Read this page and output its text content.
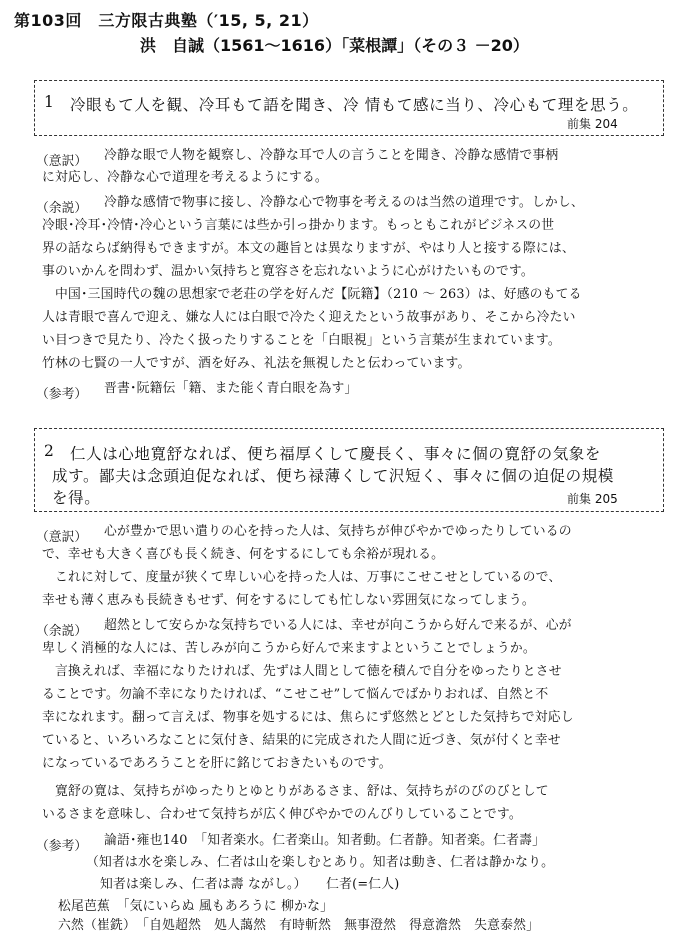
第103回　三方限古典塾（′15, 5, 21）
洪　自誠（1561〜1616）「菜根譚」（その３ －20）
1 冷眼もて人を観、冷耳もて語を聞き、冷 情もて感に当り、冷心もて理を思う。
前集 204
（意訳） 冷静な眼で人物を観察し、冷静な耳で人の言うことを聞き、冷静な感情で事柄
に対応し、冷静な心で道理を考えるようにする。
（余説） 冷静な感情で物事に接し、冷静な心で物事を考えるのは当然の道理です。しかし、
冷眼･冷耳･冷情･冷心という言葉には些か引っ掛かります。もっともこれがビジネスの世
界の話ならば納得もできますが。本文の趣旨とは異なりますが、やはり人と接する際には、
事のいかんを問わず、温かい気持ちと寛容さを忘れないように心がけたいものです。
中国･三国時代の魏の思想家で老荘の学を好んだ【阮籍】（210 〜 263）は、好感のもてる
人は青眼で喜んで迎え、嫌な人には白眼で冷たく迎えたという故事があり、そこから冷たい
い目つきで見たり、冷たく扱ったりすることを「白眼視」という言葉が生まれています。
竹林の七賢の一人ですが、酒を好み、礼法を無視したと伝わっています。
（参考） 晋書･阮籍伝「籍、また能く青白眼を為す」
2 仁人は心地寛舒なれば、便ち福厚くして慶長く、事々に個の寛舒の気象を
成す。鄙夫は念頭迫促なれば、便ち禄薄くして沢短く、事々に個の迫促の規模
を得。	前集 205
（意訳） 心が豊かで思い遣りの心を持った人は、気持ちが伸びやかでゆったりしているの
で、幸せも大きく喜びも長く続き、何をするにしても余裕が現れる。
これに対して、度量が狭くて卑しい心を持った人は、万事にこせこせとしているので、
幸せも薄く恵みも長続きもせず、何をするにしても忙しない雰囲気になってしまう。
（余説） 超然として安らかな気持ちでいる人には、幸せが向こうから好んで来るが、心が
卑しく消極的な人には、苦しみが向こうから好んで来ますよということでしょうか。
言換えれば、幸福になりたければ、先ずは人間として徳を積んで自分をゆったりとさせ
ることです。勿論不幸になりたければ、“こせこせ”して悩んでばかりおれば、自然と不
幸になれます。翻って言えば、物事を処するには、焦らにず悠然とどとした気持ちで対応し
ていると、いろいろなことに気付き、結果的に完成された人間に近づき、気が付くと幸せ
になっているであろうことを肝に銘じておきたいものです。
寛舒の寛は、気持ちがゆったりとゆとりがあるさま、舒は、気持ちがのびのびとして
いるさまを意味し、合わせて気持ちが広く伸びやかでのんびりしていることです。
（参考） 論語･雍也140　「知者楽水。仁者楽山。知者動。仁者静。知者楽。仁者壽」
（知者は水を楽しみ、仁者は山を楽しむとあり。知者は動き、仁者は静かなり。
知者は楽しみ、仁者は壽 ながし。）　　仁者(=仁人)
松尾芭蕉　「気にいらぬ 風もあろうに 柳かな」
六然（崔銑）　「自処超然　処人藹然　有時斬然　無事澄然　得意澹然　失意泰然」
